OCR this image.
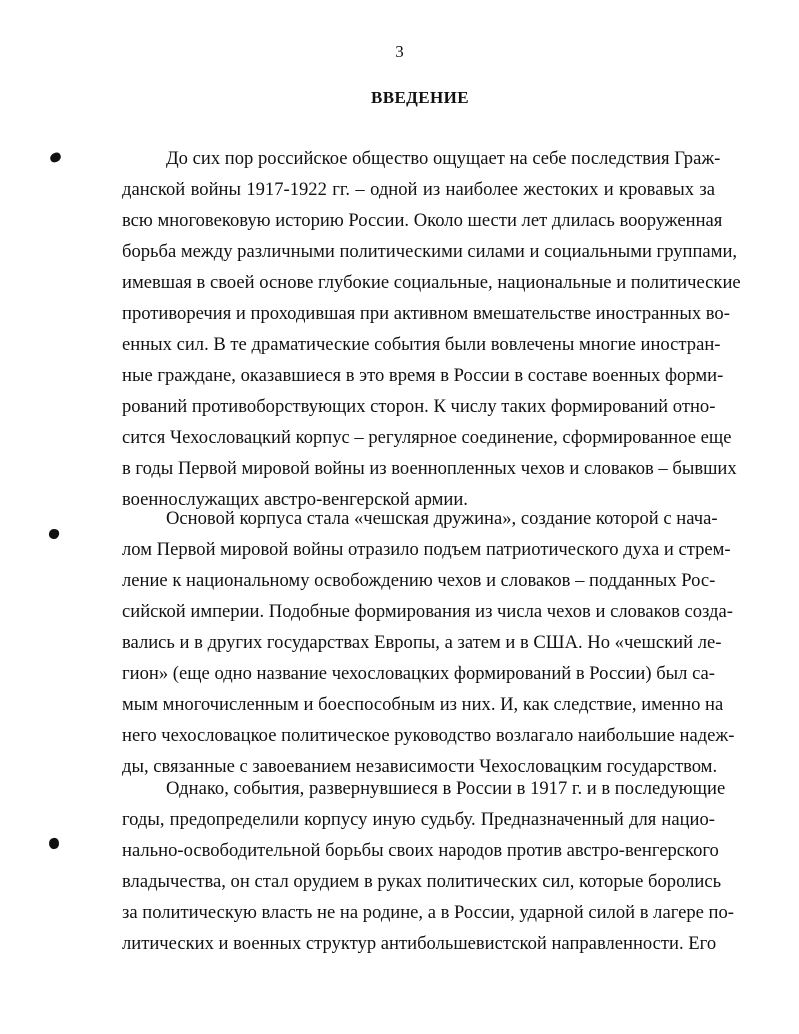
3
ВВЕДЕНИЕ
До сих пор российское общество ощущает на себе последствия Граж-
данской войны 1917-1922 гг. – одной из наиболее жестоких и кровавых за
всю многовековую историю России. Около шести лет длилась вооруженная
борьба между различными политическими силами и социальными группами,
имевшая в своей основе глубокие социальные, национальные и политические
противоречия и проходившая при активном вмешательстве иностранных во-
енных сил. В те драматические события были вовлечены многие иностран-
ные граждане, оказавшиеся в это время в России в составе военных форми-
рований противоборствующих сторон. К числу таких формирований отно-
сится Чехословацкий корпус – регулярное соединение, сформированное еще
в годы Первой мировой войны из военнопленных чехов и словаков – бывших
военнослужащих австро-венгерской армии.
Основой корпуса стала «чешская дружина», создание которой с нача-
лом Первой мировой войны отразило подъем патриотического духа и стрем-
ление к национальному освобождению чехов и словаков – подданных Рос-
сийской империи. Подобные формирования из числа чехов и словаков созда-
вались и в других государствах Европы, а затем и в США. Но «чешский ле-
гион» (еще одно название чехословацких формирований в России) был са-
мым многочисленным и боеспособным из них. И, как следствие, именно на
него чехословацкое политическое руководство возлагало наибольшие надеж-
ды, связанные с завоеванием независимости Чехословацким государством.
Однако, события, развернувшиеся в России в 1917 г. и в последующие
годы, предопределили корпусу иную судьбу. Предназначенный для нацио-
нально-освободительной борьбы своих народов против австро-венгерского
владычества, он стал орудием в руках политических сил, которые боролись
за политическую власть не на родине, а в России, ударной силой в лагере по-
литических и военных структур антибольшевистской направленности. Его
